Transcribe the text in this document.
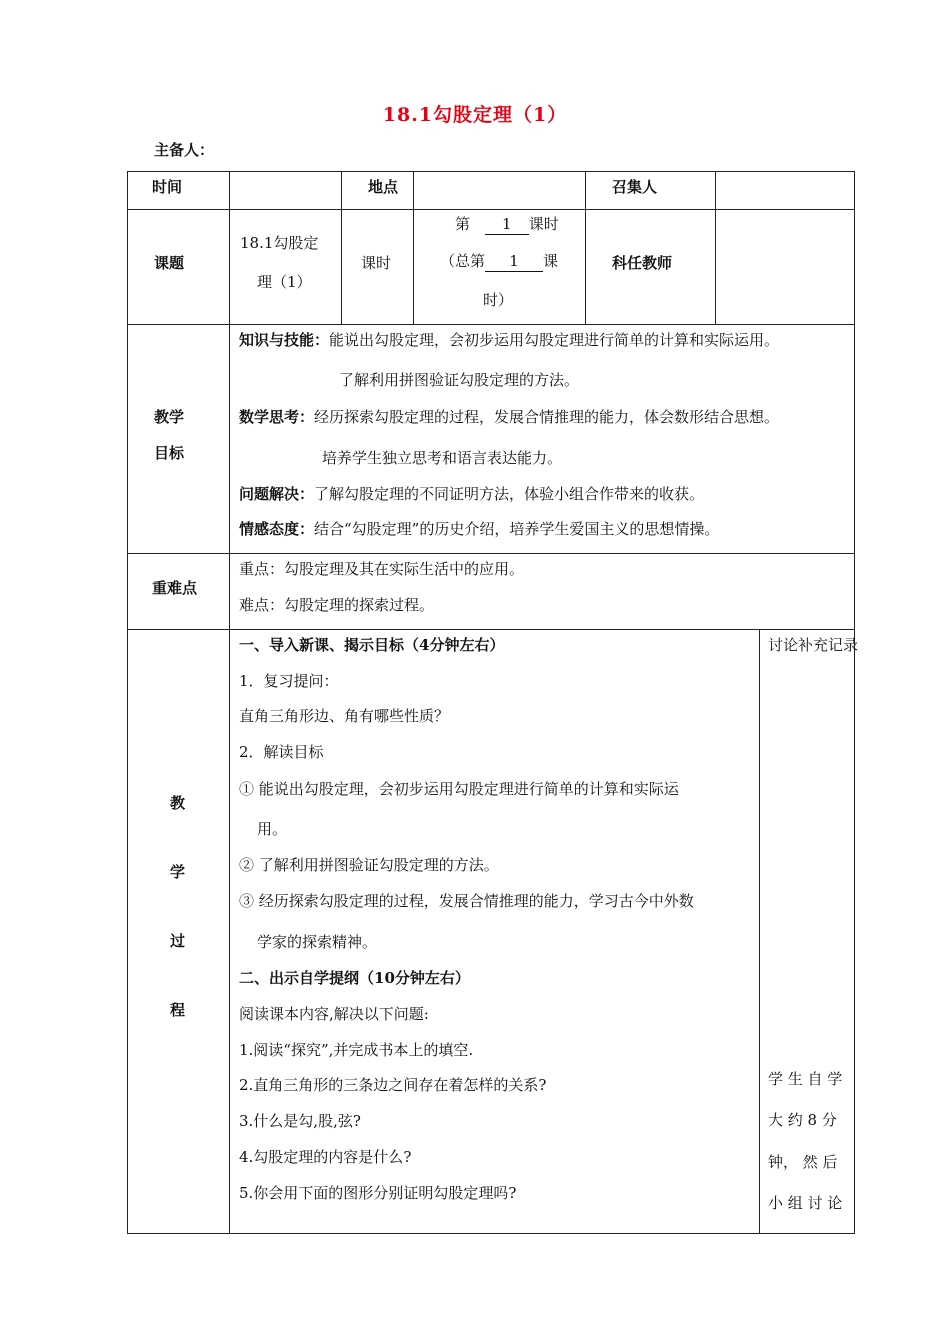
18.1勾股定理（1）
主备人：
时间	地点	召集人
课题
18.1勾股定
理（1）
课时
第 1 课时
（总第 1 课
时）
科任教师
教学
目标
知识与技能：能说出勾股定理，会初步运用勾股定理进行简单的计算和实际运用。
了解利用拼图验证勾股定理的方法。
数学思考：经历探索勾股定理的过程，发展合情推理的能力，体会数形结合思想。
培养学生独立思考和语言表达能力。
问题解决：了解勾股定理的不同证明方法，体验小组合作带来的收获。
情感态度：结合“勾股定理”的历史介绍，培养学生爱国主义的思想情操。
重难点
重点：勾股定理及其在实际生活中的应用。
难点：勾股定理的探索过程。
教
学
过
程
一、导入新课、揭示目标（4分钟左右）
1．复习提问：
直角三角形边、角有哪些性质？
2．解读目标
① 能说出勾股定理，会初步运用勾股定理进行简单的计算和实际运
用。
② 了解利用拼图验证勾股定理的方法。
③ 经历探索勾股定理的过程，发展合情推理的能力，学习古今中外数
学家的探索精神。
二、出示自学提纲（10分钟左右）
阅读课本内容,解决以下问题:
1.阅读“探究”,并完成书本上的填空.
2.直角三角形的三条边之间存在着怎样的关系?
3.什么是勾,股,弦?
4.勾股定理的内容是什么?
5.你会用下面的图形分别证明勾股定理吗?
讨论补充记录
学 生 自 学
大 约 8 分
钟， 然 后
小 组 讨 论
